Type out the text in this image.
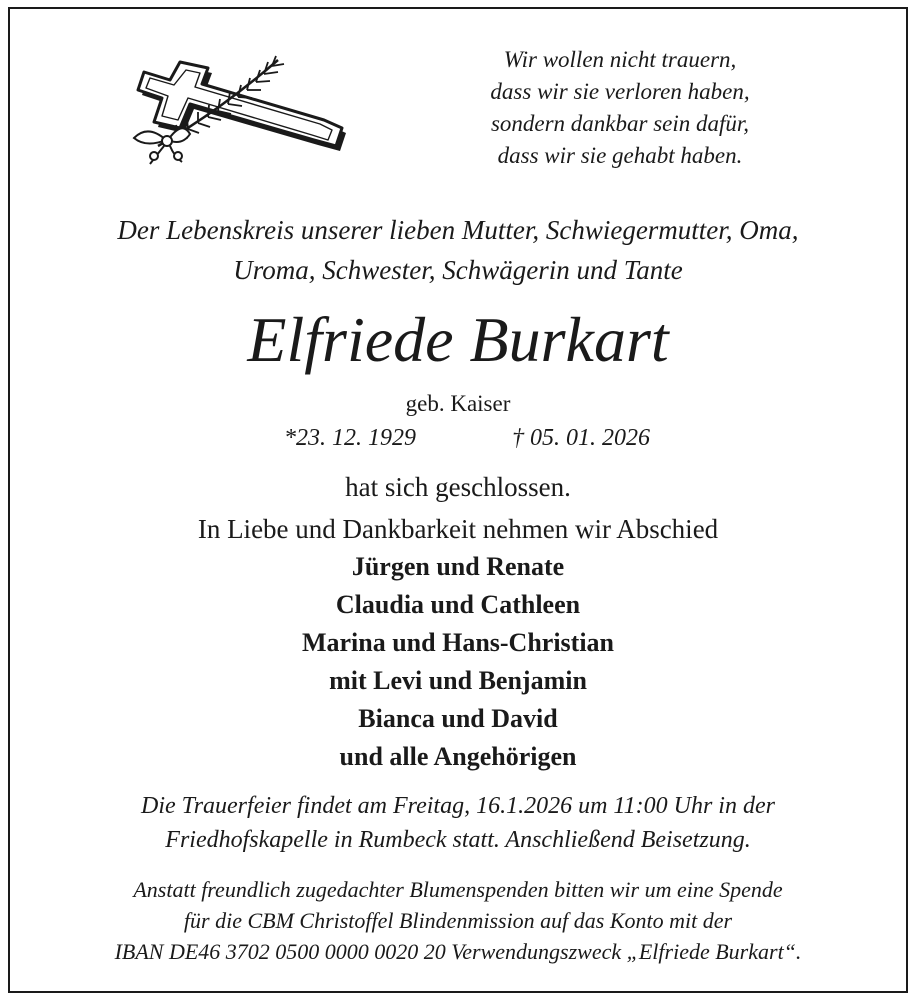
Wir wollen nicht trauern,
dass wir sie verloren haben,
sondern dankbar sein dafür,
dass wir sie gehabt haben.
Der Lebenskreis unserer lieben Mutter, Schwiegermutter, Oma,
Uroma, Schwester, Schwägerin und Tante
Elfriede Burkart
geb. Kaiser
*23. 12. 1929	† 05. 01. 2026
hat sich geschlossen.
In Liebe und Dankbarkeit nehmen wir Abschied
Jürgen und Renate
Claudia und Cathleen
Marina und Hans-Christian
mit Levi und Benjamin
Bianca und David
und alle Angehörigen
Die Trauerfeier findet am Freitag, 16.1.2026 um 11:00 Uhr in der
Friedhofskapelle in Rumbeck statt. Anschließend Beisetzung.
Anstatt freundlich zugedachter Blumenspenden bitten wir um eine Spende
für die CBM Christoffel Blindenmission auf das Konto mit der
IBAN DE46 3702 0500 0000 0020 20 Verwendungszweck „Elfriede Burkart“.
